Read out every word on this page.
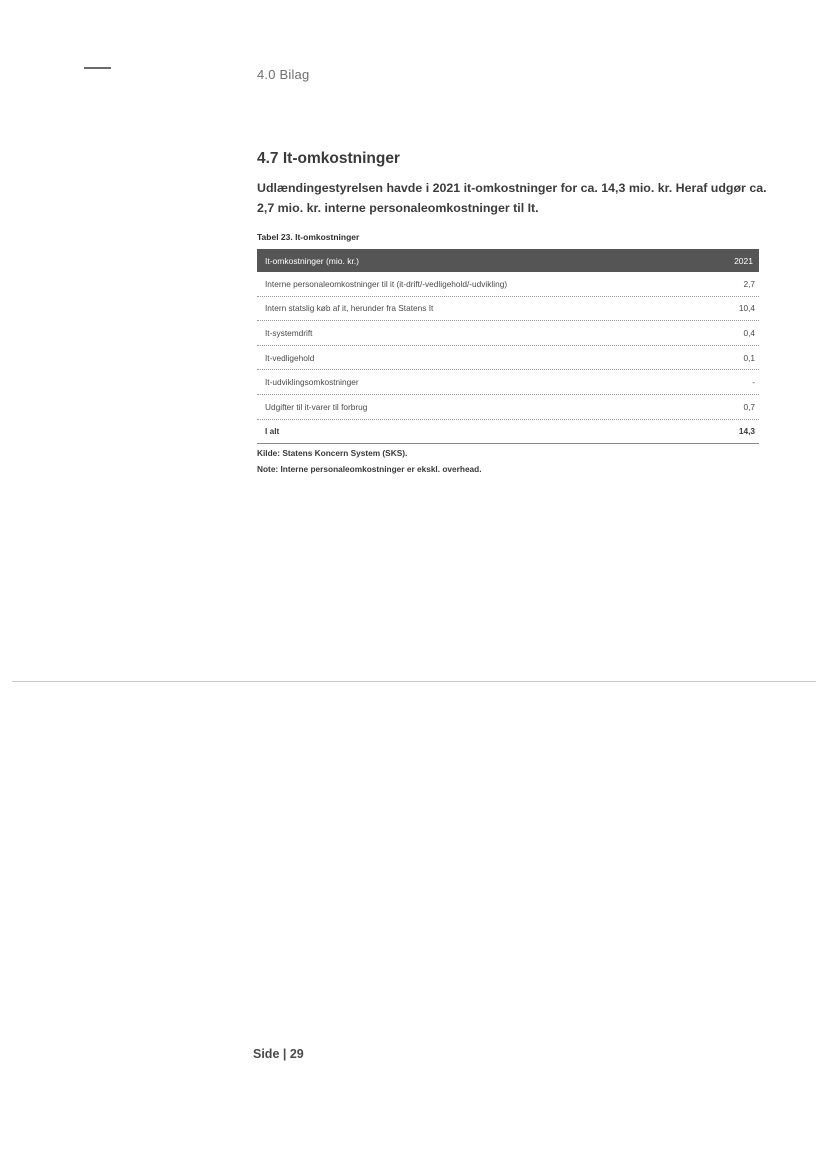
4.0 Bilag
4.7 It-omkostninger
Udlændingestyrelsen havde i 2021 it-omkostninger for ca. 14,3 mio. kr. Heraf udgør ca. 2,7 mio. kr. interne personaleomkostninger til It.
Tabel 23. It-omkostninger
It-omkostninger (mio. kr.)	2021
Interne personaleomkostninger til it (it-drift/-vedligehold/-udvikling)	2,7
Intern statslig køb af it, herunder fra Statens It	10,4
It-systemdrift	0,4
It-vedligehold	0,1
It-udviklingsomkostninger	-
Udgifter til it-varer til forbrug	0,7
I alt	14,3
Kilde: Statens Koncern System (SKS).
Note: Interne personaleomkostninger er ekskl. overhead.
Side | 29
